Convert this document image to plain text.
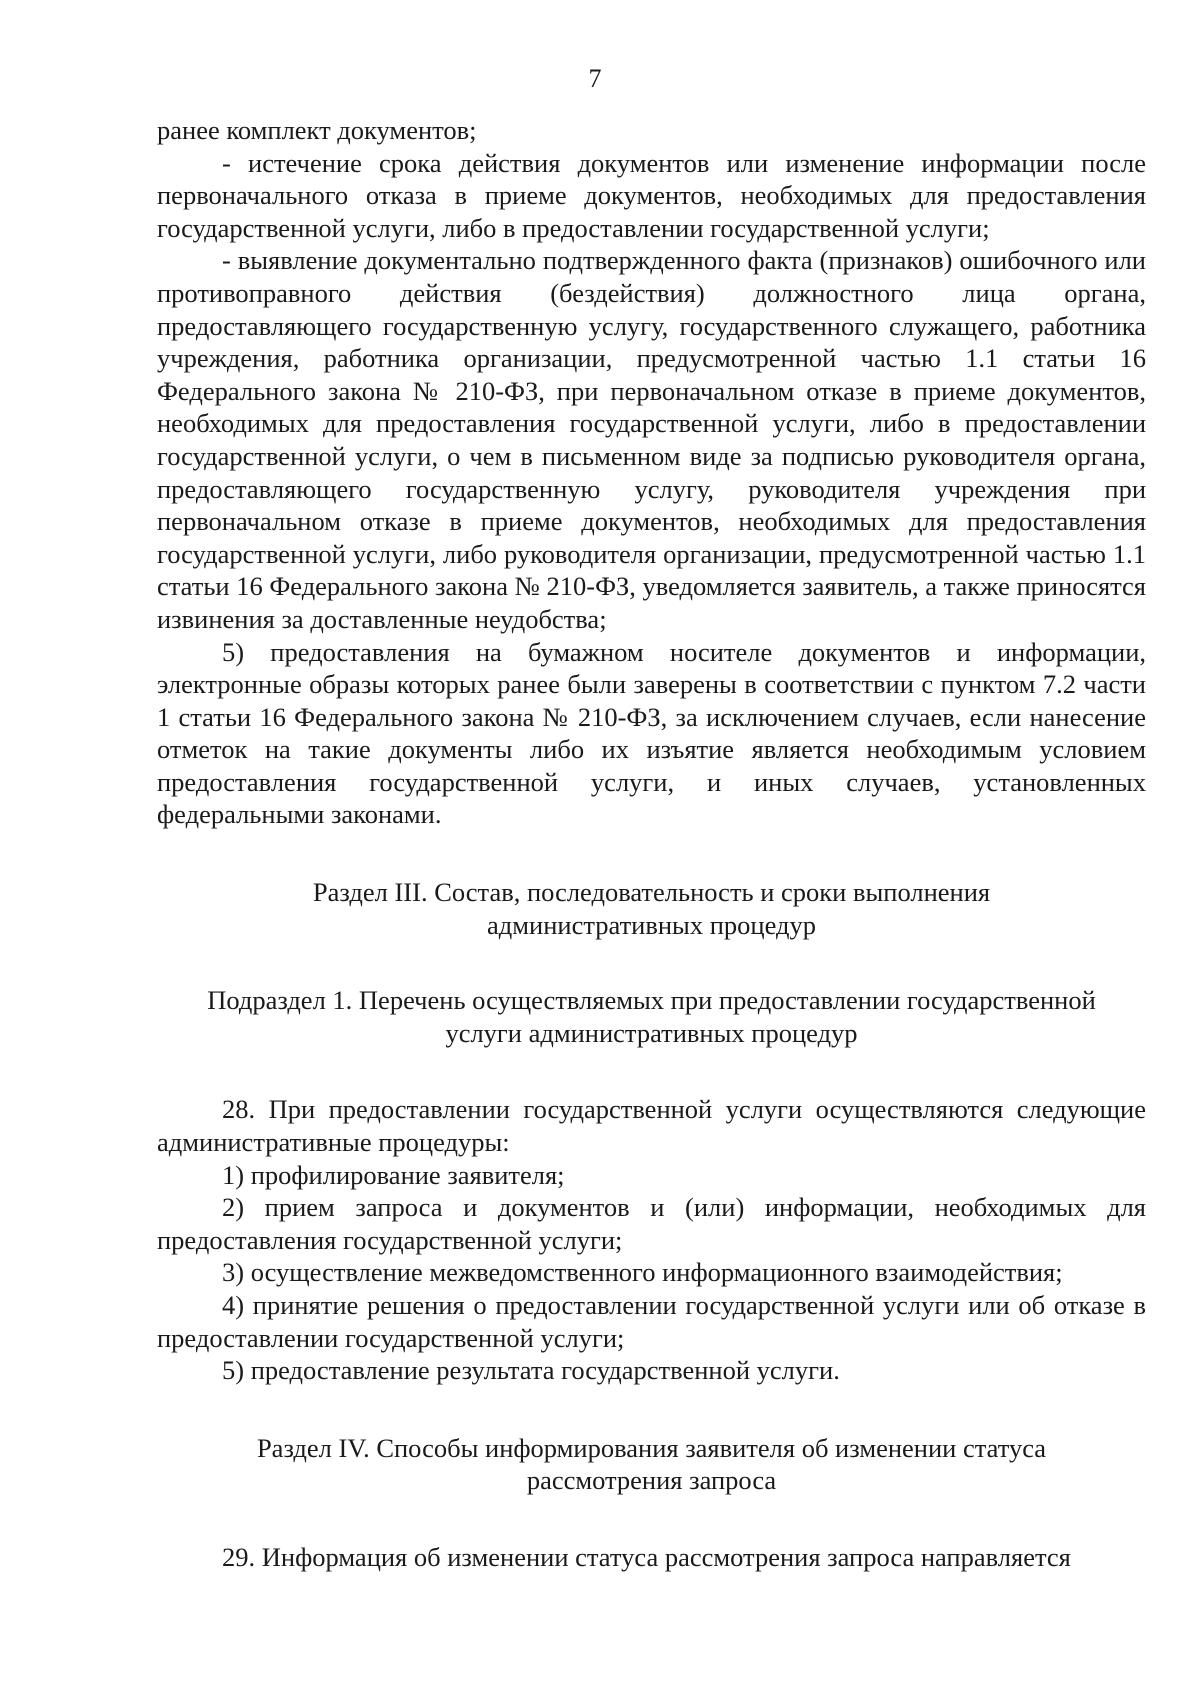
7

ранее комплект документов;

- истечение срока действия документов или изменение информации после первоначального отказа в приеме документов, необходимых для предоставления государственной услуги, либо в предоставлении государственной услуги;

- выявление документально подтвержденного факта (признаков) ошибочного или противоправного действия (бездействия) должностного лица органа, предоставляющего государственную услугу, государственного служащего, работника учреждения, работника организации, предусмотренной частью 1.1 статьи 16 Федерального закона № 210-ФЗ, при первоначальном отказе в приеме документов, необходимых для предоставления государственной услуги, либо в предоставлении государственной услуги, о чем в письменном виде за подписью руководителя органа, предоставляющего государственную услугу, руководителя учреждения при первоначальном отказе в приеме документов, необходимых для предоставления государственной услуги, либо руководителя организации, предусмотренной частью 1.1 статьи 16 Федерального закона № 210-ФЗ, уведомляется заявитель, а также приносятся извинения за доставленные неудобства;

5) предоставления на бумажном носителе документов и информации, электронные образы которых ранее были заверены в соответствии с пунктом 7.2 части 1 статьи 16 Федерального закона № 210-ФЗ, за исключением случаев, если нанесение отметок на такие документы либо их изъятие является необходимым условием предоставления государственной услуги, и иных случаев, установленных федеральными законами.

Раздел III. Состав, последовательность и сроки выполнения

административных процедур

Подраздел 1. Перечень осуществляемых при предоставлении государственной

услуги административных процедур

28. При предоставлении государственной услуги осуществляются следующие административные процедуры:

1) профилирование заявителя;

2) прием запроса и документов и (или) информации, необходимых для предоставления государственной услуги;

3) осуществление межведомственного информационного взаимодействия;

4) принятие решения о предоставлении государственной услуги или об отказе в предоставлении государственной услуги;

5) предоставление результата государственной услуги.

Раздел IV. Способы информирования заявителя об изменении статуса

рассмотрения запроса

29. Информация об изменении статуса рассмотрения запроса направляется
